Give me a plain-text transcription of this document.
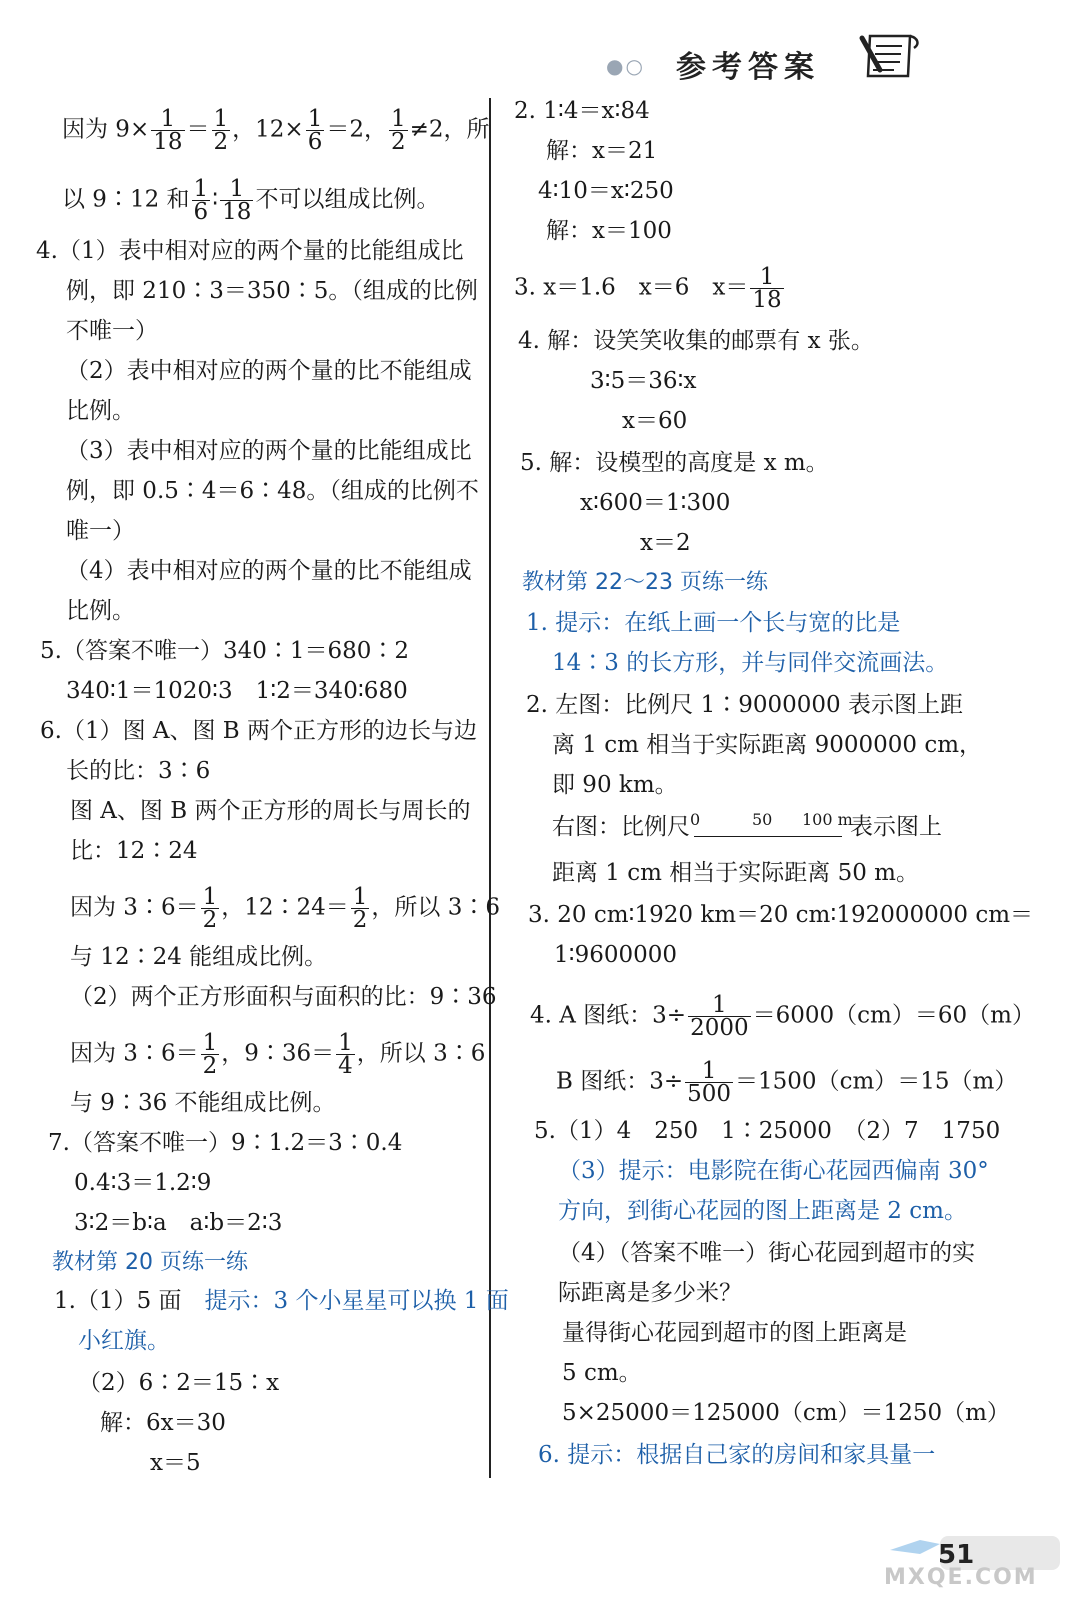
●○ 参考答案
因为 $9\times \frac{1}{18} = \frac{1}{2}$ ，$12\times \frac{1}{6} =2$， $\frac{1}{2} \ne 2$，所
以 9∶12 和 $\frac{1}{6}$ ∶ $\frac{1}{18}$ 不可以组成比例。
4.（1）表中相对应的两个量的比能组成比
例，即 210∶3＝350∶5。（组成的比例
不唯一）
（2）表中相对应的两个量的比不能组成
比例。
（3）表中相对应的两个量的比能组成比
例，即 0.5∶4＝6∶48。（组成的比例不
唯一）
（4）表中相对应的两个量的比不能组成
比例。
5.（答案不唯一）340∶1＝680∶2
340∶1＝1020∶3　1∶2＝340∶680
6.（1）图 A、图 B 两个正方形的边长与边
长的比：3∶6
图 A、图 B 两个正方形的周长与周长的
比：12∶24
因为 3∶6＝ $\frac{1}{2}$ ，12∶24＝ $\frac{1}{2}$ ，所以 3∶6
与 12∶24 能组成比例。
（2）两个正方形面积与面积的比：9∶36
因为 3∶6＝ $\frac{1}{2}$ ，9∶36＝ $\frac{1}{4}$ ，所以 3∶6
与 9∶36 不能组成比例。
7.（答案不唯一）9∶1.2＝3∶0.4
0.4∶3＝1.2∶9
3∶2＝b∶a　a∶b＝2∶3
教材第 20 页练一练
1.（1）5 面　提示：3 个小星星可以换 1 面
小红旗。
（2）6∶2＝15∶x
解：6x＝30
x＝5
2. 1∶4＝x∶84
解：x＝21
4∶10＝x∶250
解：x＝100
3. x＝1.6　x＝6　$x= \frac{1}{18}$
4. 解：设笑笑收集的邮票有 x 张。
3∶5＝36∶x
x＝60
5. 解：设模型的高度是 x m。
x∶600＝1∶300
x＝2
教材第 22～23 页练一练
1. 提示：在纸上画一个长与宽的比是
14∶3 的长方形，并与同伴交流画法。
2. 左图：比例尺 1∶9000000 表示图上距
离 1 cm 相当于实际距离 9000000 cm，
即 90 km。
右图：比例尺 0	50 100 m
表示图上
距离 1 cm 相当于实际距离 50 m。
3. 20 cm∶1920 km＝20 cm∶192000000 cm＝
1∶9600000
4. A 图纸：$3\div \frac{1}{2000} =6000(cm)=60(m)$
B 图纸：$3\div \frac{1}{500} =1500(cm)=15(m)$
5.（1）4　250　1∶25000　（2）7　1750
（3）提示：电影院在街心花园西偏南 30°
方向，到街心花园的图上距离是 2 cm。
（4）（答案不唯一）街心花园到超市的实
际距离是多少米？
量得街心花园到超市的图上距离是
5 cm。
5×25000＝125000（cm）＝1250（m）
6. 提示：根据自己家的房间和家具量一
51
MXQE.COM
